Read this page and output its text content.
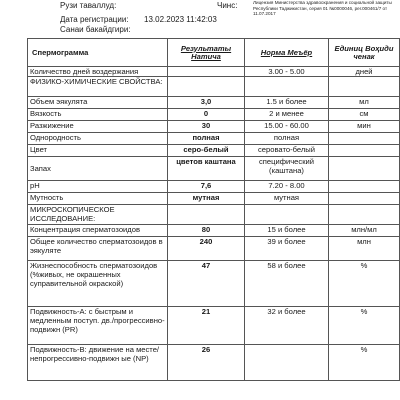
Рузи таваллуд:	Чинс:	Лицензия Министерства здравоохранения и социальной защиты Республики Таджикистан, серия 01 №0000046, рег.000461/7 от 11.07.2017
Дата регистрации: 13.02.2023 11:42:03
Санаи бакайдгири:
Спермограмма	Результаты Натича	Норма Меъёр	Единиц Воҳиди ченак
Количество дней воздержания		3.00 - 5.00	дней
ФИЗИКО-ХИМИЧЕСКИЕ СВОЙСТВА:			
Объем эякулята	3,0	1.5 и более	мл
Вязкость	0	2 и менее	см
Разжижение	30	15.00 - 60.00	мин
Однородность	полная	полная	
Цвет	серо-белый	серовато-белый	
Запах	цветов каштана	специфический (каштана)	
pH	7,6	7.20 - 8.00	
Мутность	мутная	мутная	
МИКРОСКОПИЧЕСКОЕ ИССЛЕДОВАНИЕ:			
Концентрация сперматозоидов	80	15 и более	млн/мл
Общее количество сперматозоидов в эякуляте	240	39 и более	млн
Жизнеспособность сперматозоидов (%живых, не окрашенных суправительной окраской)	47	58 и более	%
Подвижность-А: с быстрым и медленным поступ. дв./прогрессивно-подвижн (PR)	21	32 и более	%
Подвижность-В: движение на месте/непрогрессивно-подвижн ые (NP)	26		%
